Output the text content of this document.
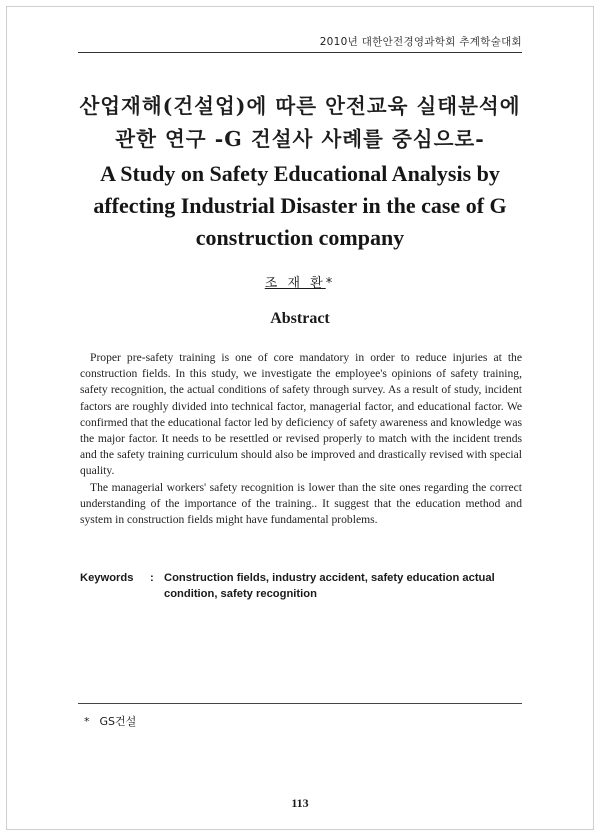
2010년 대한안전경영과학회 추계학술대회
산업재해(건설업)에 따른 안전교육 실태분석에
관한 연구 -G 건설사 사례를 중심으로-
A Study on Safety Educational Analysis by
affecting Industrial Disaster in the case of G
construction company
조 재 환*
Abstract

Proper pre-safety training is one of core mandatory in order to reduce injuries at the construction fields. In this study, we investigate the employee's opinions of safety training, safety recognition, the actual conditions of safety through survey. As a result of study, incident factors are roughly divided into technical factor, managerial factor, and educational factor. We confirmed that the educational factor led by deficiency of safety awareness and knowledge was the major factor. It needs to be resettled or revised properly to match with the incident trends and the safety training curriculum should also be improved and drastically revised with special quality.

The managerial workers' safety recognition is lower than the site ones regarding the correct understanding of the importance of the training.. It suggest that the education method and system in construction fields might have fundamental problems.

Keywords	: Construction fields, industry accident, safety education actual condition, safety recognition
* GS건설
113
